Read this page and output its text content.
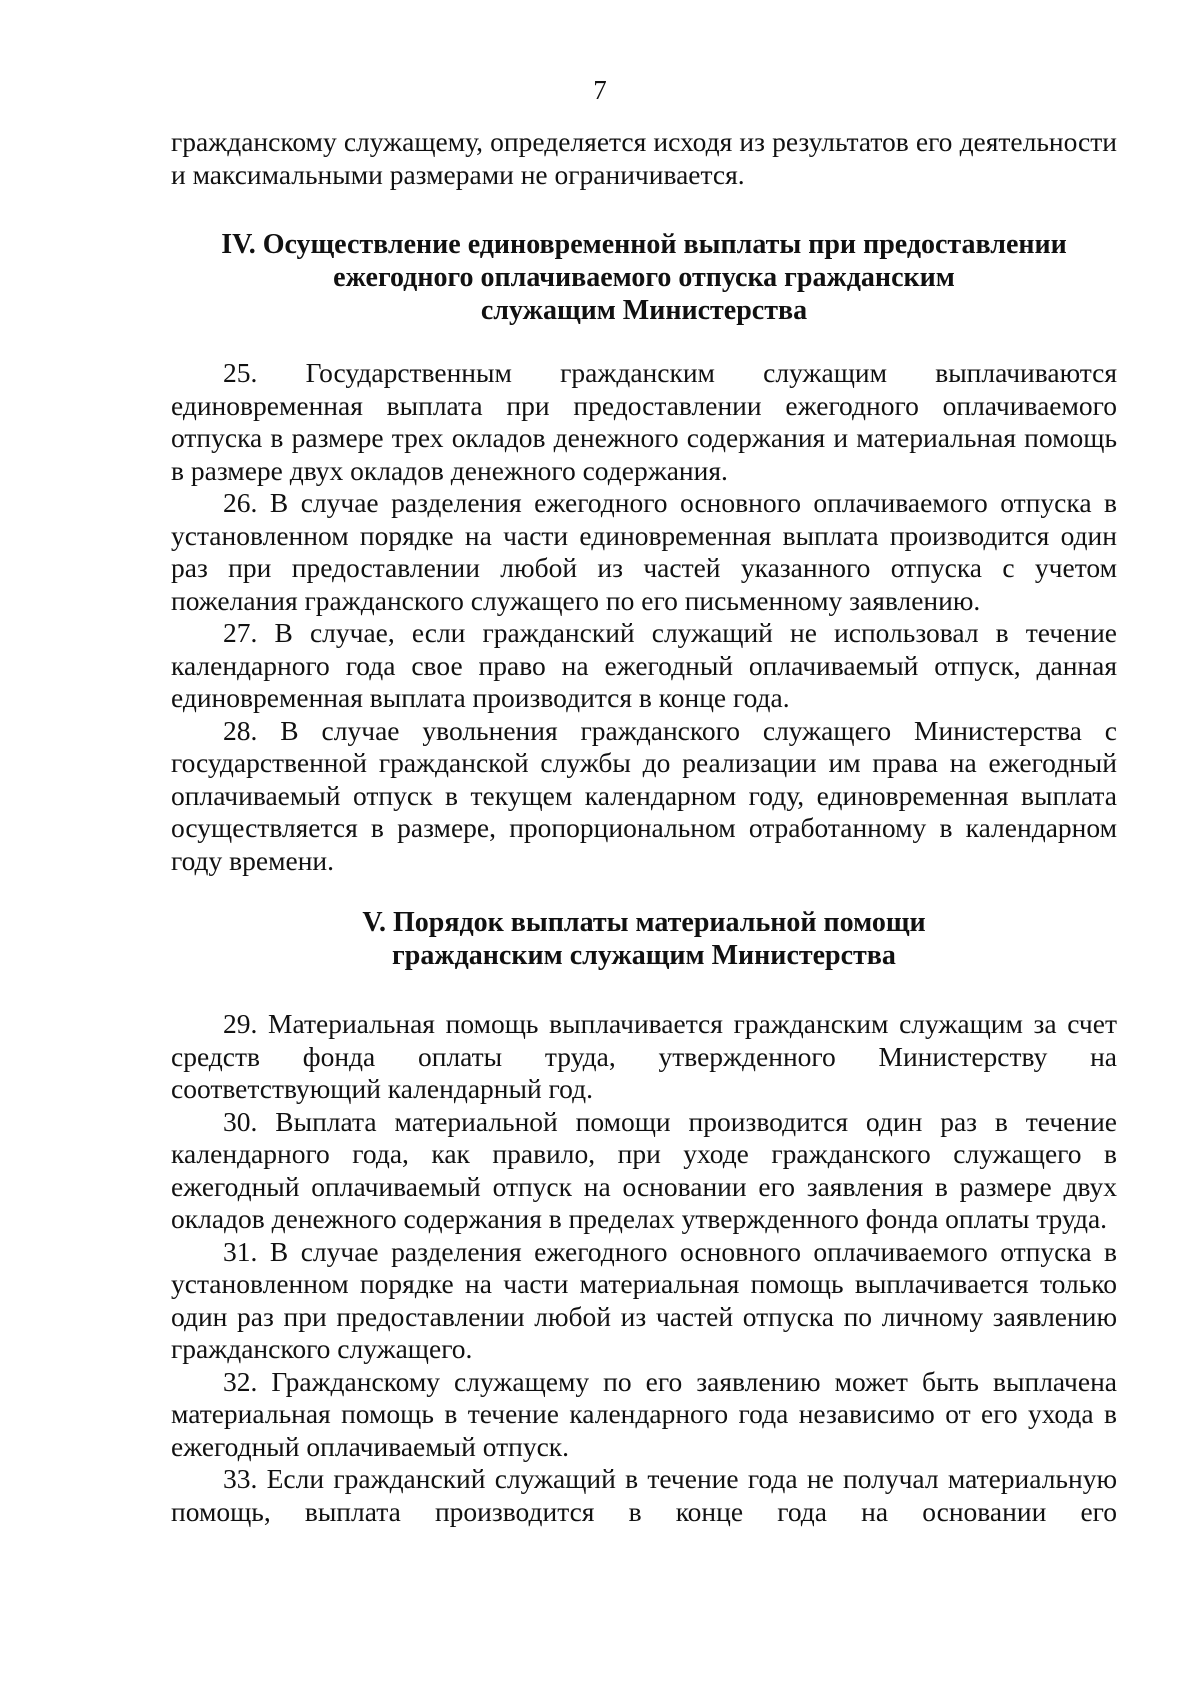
7

гражданскому служащему, определяется исходя из результатов его деятельности и максимальными размерами не ограничивается.

IV. Осуществление единовременной выплаты при предоставлении
ежегодного оплачиваемого отпуска гражданским
служащим Министерства

25. Государственным гражданским служащим выплачиваются единовременная выплата при предоставлении ежегодного оплачиваемого отпуска в размере трех окладов денежного содержания и материальная помощь в размере двух окладов денежного содержания.

26. В случае разделения ежегодного основного оплачиваемого отпуска в установленном порядке на части единовременная выплата производится один раз при предоставлении любой из частей указанного отпуска с учетом пожелания гражданского служащего по его письменному заявлению.

27. В случае, если гражданский служащий не использовал в течение календарного года свое право на ежегодный оплачиваемый отпуск, данная единовременная выплата производится в конце года.

28. В случае увольнения гражданского служащего Министерства с государственной гражданской службы до реализации им права на ежегодный оплачиваемый отпуск в текущем календарном году, единовременная выплата осуществляется в размере, пропорциональном отработанному в календарном году времени.

V. Порядок выплаты материальной помощи
гражданским служащим Министерства

29. Материальная помощь выплачивается гражданским служащим за счет средств фонда оплаты труда, утвержденного Министерству на соответствующий календарный год.

30. Выплата материальной помощи производится один раз в течение календарного года, как правило, при уходе гражданского служащего в ежегодный оплачиваемый отпуск на основании его заявления в размере двух окладов денежного содержания в пределах утвержденного фонда оплаты труда.

31. В случае разделения ежегодного основного оплачиваемого отпуска в установленном порядке на части материальная помощь выплачивается только один раз при предоставлении любой из частей отпуска по личному заявлению гражданского служащего.

32. Гражданскому служащему по его заявлению может быть выплачена материальная помощь в течение календарного года независимо от его ухода в ежегодный оплачиваемый отпуск.

33. Если гражданский служащий в течение года не получал материальную помощь, выплата производится в конце года на основании его
